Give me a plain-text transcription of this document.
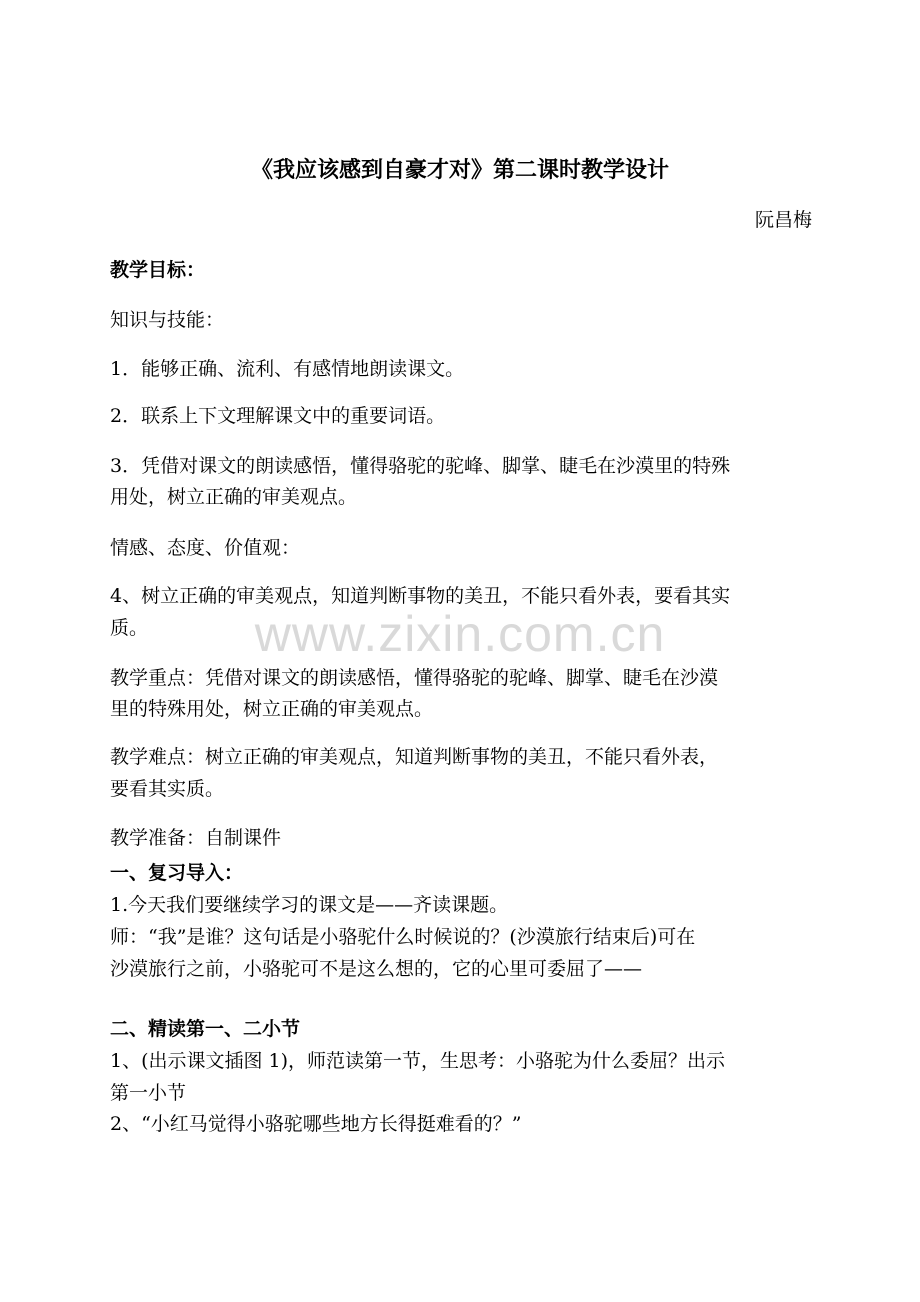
www.zixin.com.cn
《我应该感到自豪才对》第二课时教学设计
阮昌梅
教学目标：
知识与技能：
1．能够正确、流利、有感情地朗读课文。
2．联系上下文理解课文中的重要词语。
3．凭借对课文的朗读感悟，懂得骆驼的驼峰、脚掌、睫毛在沙漠里的特殊
用处，树立正确的审美观点。
情感、态度、价值观：
4、树立正确的审美观点，知道判断事物的美丑，不能只看外表，要看其实
质。
教学重点：凭借对课文的朗读感悟，懂得骆驼的驼峰、脚掌、睫毛在沙漠
里的特殊用处，树立正确的审美观点。
教学难点：树立正确的审美观点，知道判断事物的美丑，不能只看外表，
要看其实质。
教学准备：自制课件
一、复习导入：
1.今天我们要继续学习的课文是——齐读课题。
师：“我”是谁？这句话是小骆驼什么时候说的？(沙漠旅行结束后)可在
沙漠旅行之前，小骆驼可不是这么想的，它的心里可委屈了——
二、精读第一、二小节
1、(出示课文插图 1)，师范读第一节，生思考：小骆驼为什么委屈？出示
第一小节
2、“小红马觉得小骆驼哪些地方长得挺难看的？”
